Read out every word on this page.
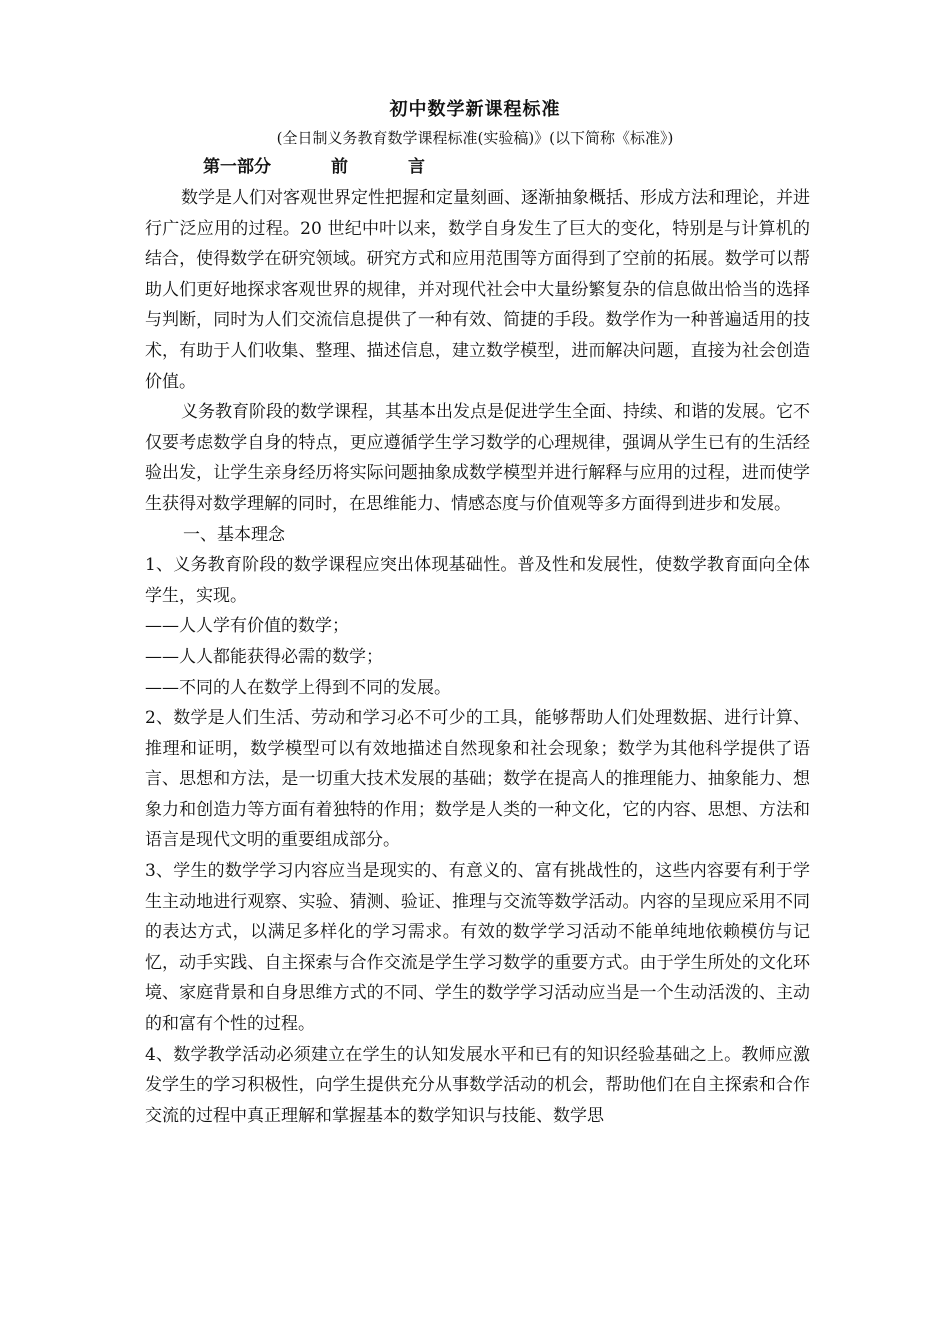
初中数学新课程标准
(全日制义务教育数学课程标准(实验稿)》(以下简称《标准》)
第一部分	前	言

数学是人们对客观世界定性把握和定量刻画、逐渐抽象概括、形成方法和理论，并进行广泛应用的过程。20 世纪中叶以来，数学自身发生了巨大的变化，特别是与计算机的结合，使得数学在研究领域。研究方式和应用范围等方面得到了空前的拓展。数学可以帮助人们更好地探求客观世界的规律，并对现代社会中大量纷繁复杂的信息做出恰当的选择与判断，同时为人们交流信息提供了一种有效、简捷的手段。数学作为一种普遍适用的技术，有助于人们收集、整理、描述信息，建立数学模型，进而解决问题，直接为社会创造价值。

义务教育阶段的数学课程，其基本出发点是促进学生全面、持续、和谐的发展。它不仅要考虑数学自身的特点，更应遵循学生学习数学的心理规律，强调从学生已有的生活经验出发，让学生亲身经历将实际问题抽象成数学模型并进行解释与应用的过程，进而使学生获得对数学理解的同时，在思维能力、情感态度与价值观等多方面得到进步和发展。

一、基本理念

1、义务教育阶段的数学课程应突出体现基础性。普及性和发展性，使数学教育面向全体学生，实现。

——人人学有价值的数学；

——人人都能获得必需的数学；

——不同的人在数学上得到不同的发展。

2、数学是人们生活、劳动和学习必不可少的工具，能够帮助人们处理数据、进行计算、推理和证明，数学模型可以有效地描述自然现象和社会现象；数学为其他科学提供了语言、思想和方法，是一切重大技术发展的基础；数学在提高人的推理能力、抽象能力、想象力和创造力等方面有着独特的作用；数学是人类的一种文化，它的内容、思想、方法和语言是现代文明的重要组成部分。

3、学生的数学学习内容应当是现实的、有意义的、富有挑战性的，这些内容要有利于学生主动地进行观察、实验、猜测、验证、推理与交流等数学活动。内容的呈现应采用不同的表达方式，以满足多样化的学习需求。有效的数学学习活动不能单纯地依赖模仿与记忆，动手实践、自主探索与合作交流是学生学习数学的重要方式。由于学生所处的文化环境、家庭背景和自身思维方式的不同、学生的数学学习活动应当是一个生动活泼的、主动的和富有个性的过程。

4、数学教学活动必须建立在学生的认知发展水平和已有的知识经验基础之上。教师应激发学生的学习积极性，向学生提供充分从事数学活动的机会，帮助他们在自主探索和合作交流的过程中真正理解和掌握基本的数学知识与技能、数学思
